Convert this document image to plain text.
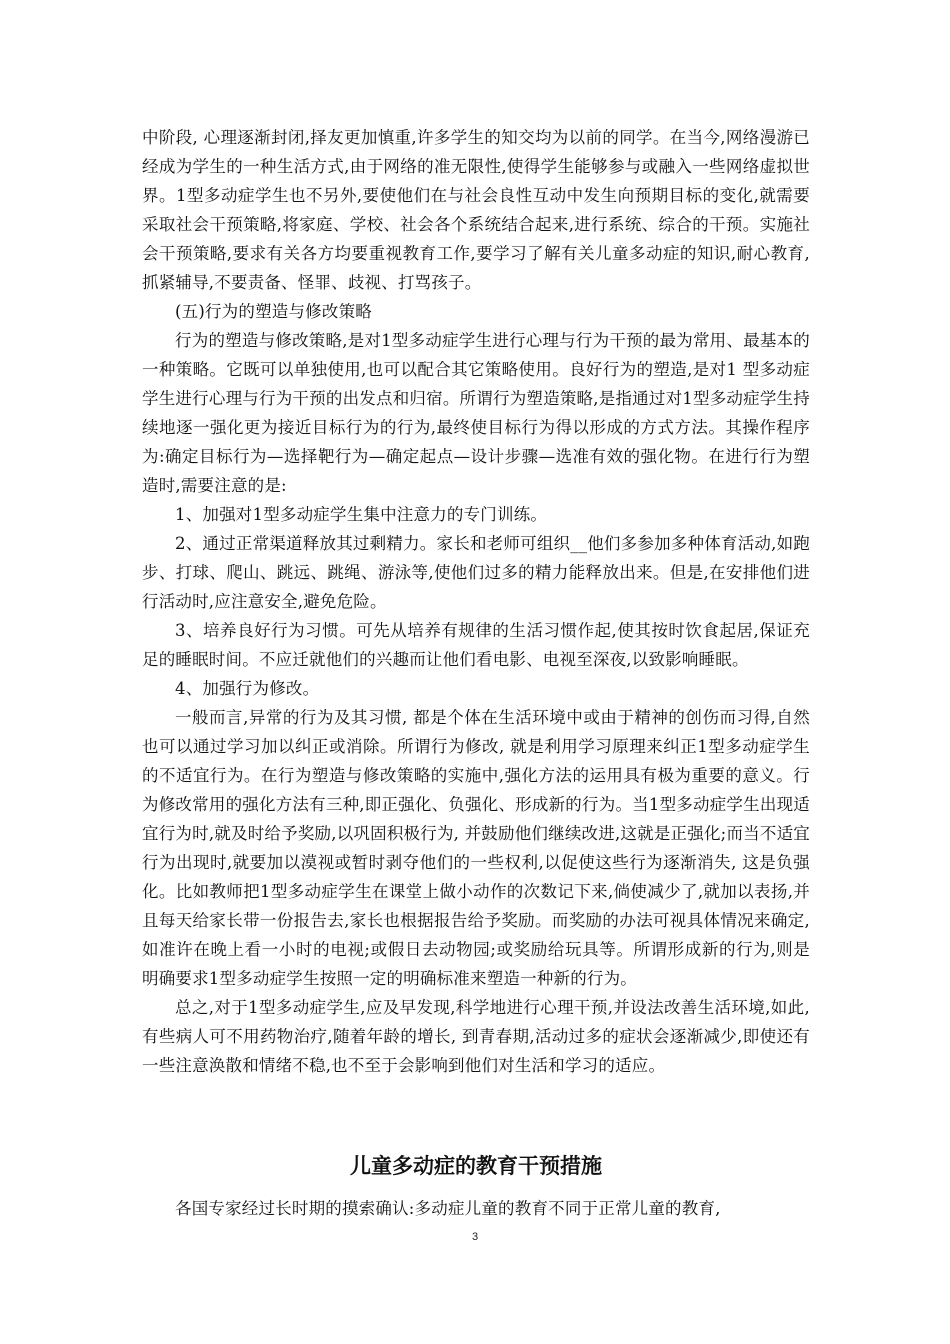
中阶段, 心理逐渐封闭,择友更加慎重,许多学生的知交均为以前的同学。在当今,网络漫游已经成为学生的一种生活方式,由于网络的准无限性,使得学生能够参与或融入一些网络虚拟世界。1型多动症学生也不另外,要使他们在与社会良性互动中发生向预期目标的变化,就需要采取社会干预策略,将家庭、学校、社会各个系统结合起来,进行系统、综合的干预。实施社会干预策略,要求有关各方均要重视教育工作,要学习了解有关儿童多动症的知识,耐心教育,抓紧辅导,不要责备、怪罪、歧视、打骂孩子。

(五)行为的塑造与修改策略

行为的塑造与修改策略,是对1型多动症学生进行心理与行为干预的最为常用、最基本的一种策略。它既可以单独使用,也可以配合其它策略使用。良好行为的塑造,是对1 型多动症学生进行心理与行为干预的出发点和归宿。所谓行为塑造策略,是指通过对1型多动症学生持续地逐一强化更为接近目标行为的行为,最终使目标行为得以形成的方式方法。其操作程序为:确定目标行为—选择靶行为—确定起点—设计步骤—选准有效的强化物。在进行行为塑造时,需要注意的是:

1、加强对1型多动症学生集中注意力的专门训练。

2、通过正常渠道释放其过剩精力。家长和老师可组织__他们多参加多种体育活动,如跑步、打球、爬山、跳远、跳绳、游泳等,使他们过多的精力能释放出来。但是,在安排他们进行活动时,应注意安全,避免危险。

3、培养良好行为习惯。可先从培养有规律的生活习惯作起,使其按时饮食起居,保证充足的睡眠时间。不应迁就他们的兴趣而让他们看电影、电视至深夜,以致影响睡眠。

4、加强行为修改。

一般而言,异常的行为及其习惯, 都是个体在生活环境中或由于精神的创伤而习得,自然也可以通过学习加以纠正或消除。所谓行为修改, 就是利用学习原理来纠正1型多动症学生的不适宜行为。在行为塑造与修改策略的实施中,强化方法的运用具有极为重要的意义。行为修改常用的强化方法有三种,即正强化、负强化、形成新的行为。当1型多动症学生出现适宜行为时,就及时给予奖励,以巩固积极行为, 并鼓励他们继续改进,这就是正强化;而当不适宜行为出现时,就要加以漠视或暂时剥夺他们的一些权利,以促使这些行为逐渐消失, 这是负强化。比如教师把1型多动症学生在课堂上做小动作的次数记下来,倘使减少了,就加以表扬,并且每天给家长带一份报告去,家长也根据报告给予奖励。而奖励的办法可视具体情况来确定,如准许在晚上看一小时的电视;或假日去动物园;或奖励给玩具等。所谓形成新的行为,则是明确要求1型多动症学生按照一定的明确标准来塑造一种新的行为。

总之,对于1型多动症学生,应及早发现,科学地进行心理干预,并设法改善生活环境,如此,有些病人可不用药物治疗,随着年龄的增长, 到青春期,活动过多的症状会逐渐减少,即使还有一些注意涣散和情绪不稳,也不至于会影响到他们对生活和学习的适应。

儿童多动症的教育干预措施

各国专家经过长时期的摸索确认:多动症儿童的教育不同于正常儿童的教育,

3
